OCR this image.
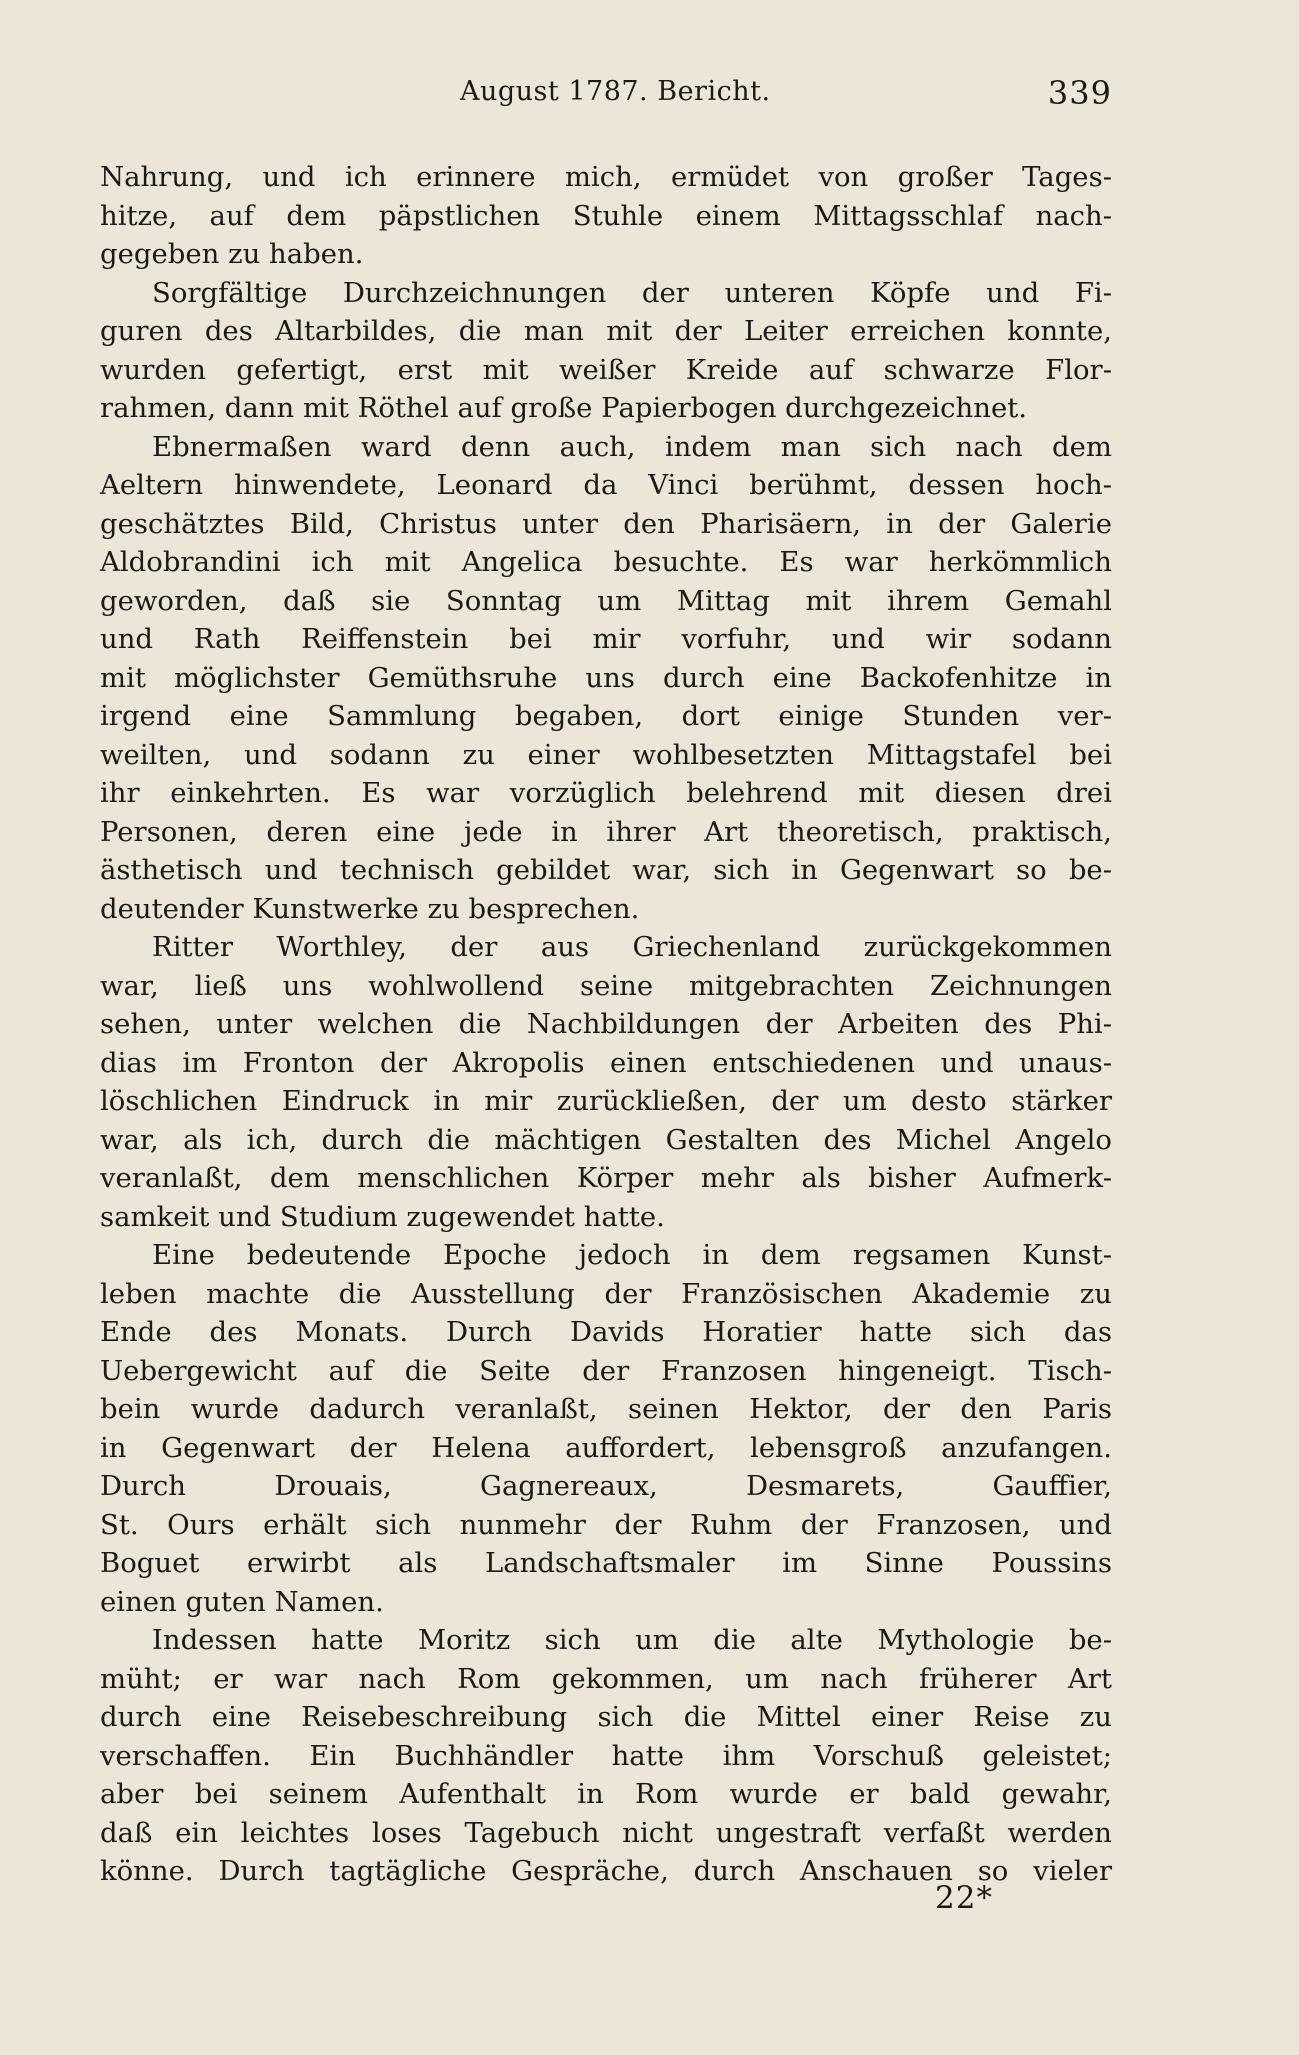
August 1787. Bericht.	339
Nahrung, und ich erinnere mich, ermüdet von großer Tages-
hitze, auf dem päpstlichen Stuhle einem Mittagsschlaf nach-
gegeben zu haben.
Sorgfältige Durchzeichnungen der unteren Köpfe und Fi-
guren des Altarbildes, die man mit der Leiter erreichen konnte,
wurden gefertigt, erst mit weißer Kreide auf schwarze Flor-
rahmen, dann mit Röthel auf große Papierbogen durchgezeichnet.
Ebnermaßen ward denn auch, indem man sich nach dem
Aeltern hinwendete, Leonard da Vinci berühmt, dessen hoch-
geschätztes Bild, Christus unter den Pharisäern, in der Galerie
Aldobrandini ich mit Angelica besuchte. Es war herkömmlich
geworden, daß sie Sonntag um Mittag mit ihrem Gemahl
und Rath Reiffenstein bei mir vorfuhr, und wir sodann
mit möglichster Gemüthsruhe uns durch eine Backofenhitze in
irgend eine Sammlung begaben, dort einige Stunden ver-
weilten, und sodann zu einer wohlbesetzten Mittagstafel bei
ihr einkehrten. Es war vorzüglich belehrend mit diesen drei
Personen, deren eine jede in ihrer Art theoretisch, praktisch,
ästhetisch und technisch gebildet war, sich in Gegenwart so be-
deutender Kunstwerke zu besprechen.
Ritter Worthley, der aus Griechenland zurückgekommen
war, ließ uns wohlwollend seine mitgebrachten Zeichnungen
sehen, unter welchen die Nachbildungen der Arbeiten des Phi-
dias im Fronton der Akropolis einen entschiedenen und unaus-
löschlichen Eindruck in mir zurückließen, der um desto stärker
war, als ich, durch die mächtigen Gestalten des Michel Angelo
veranlaßt, dem menschlichen Körper mehr als bisher Aufmerk-
samkeit und Studium zugewendet hatte.
Eine bedeutende Epoche jedoch in dem regsamen Kunst-
leben machte die Ausstellung der Französischen Akademie zu
Ende des Monats. Durch Davids Horatier hatte sich das
Uebergewicht auf die Seite der Franzosen hingeneigt. Tisch-
bein wurde dadurch veranlaßt, seinen Hektor, der den Paris
in Gegenwart der Helena auffordert, lebensgroß anzufangen.
Durch Drouais, Gagnereaux, Desmarets, Gauffier,
St. Ours erhält sich nunmehr der Ruhm der Franzosen, und
Boguet erwirbt als Landschaftsmaler im Sinne Poussins
einen guten Namen.
Indessen hatte Moritz sich um die alte Mythologie be-
müht; er war nach Rom gekommen, um nach früherer Art
durch eine Reisebeschreibung sich die Mittel einer Reise zu
verschaffen. Ein Buchhändler hatte ihm Vorschuß geleistet;
aber bei seinem Aufenthalt in Rom wurde er bald gewahr,
daß ein leichtes loses Tagebuch nicht ungestraft verfaßt werden
könne. Durch tagtägliche Gespräche, durch Anschauen so vieler
22*
